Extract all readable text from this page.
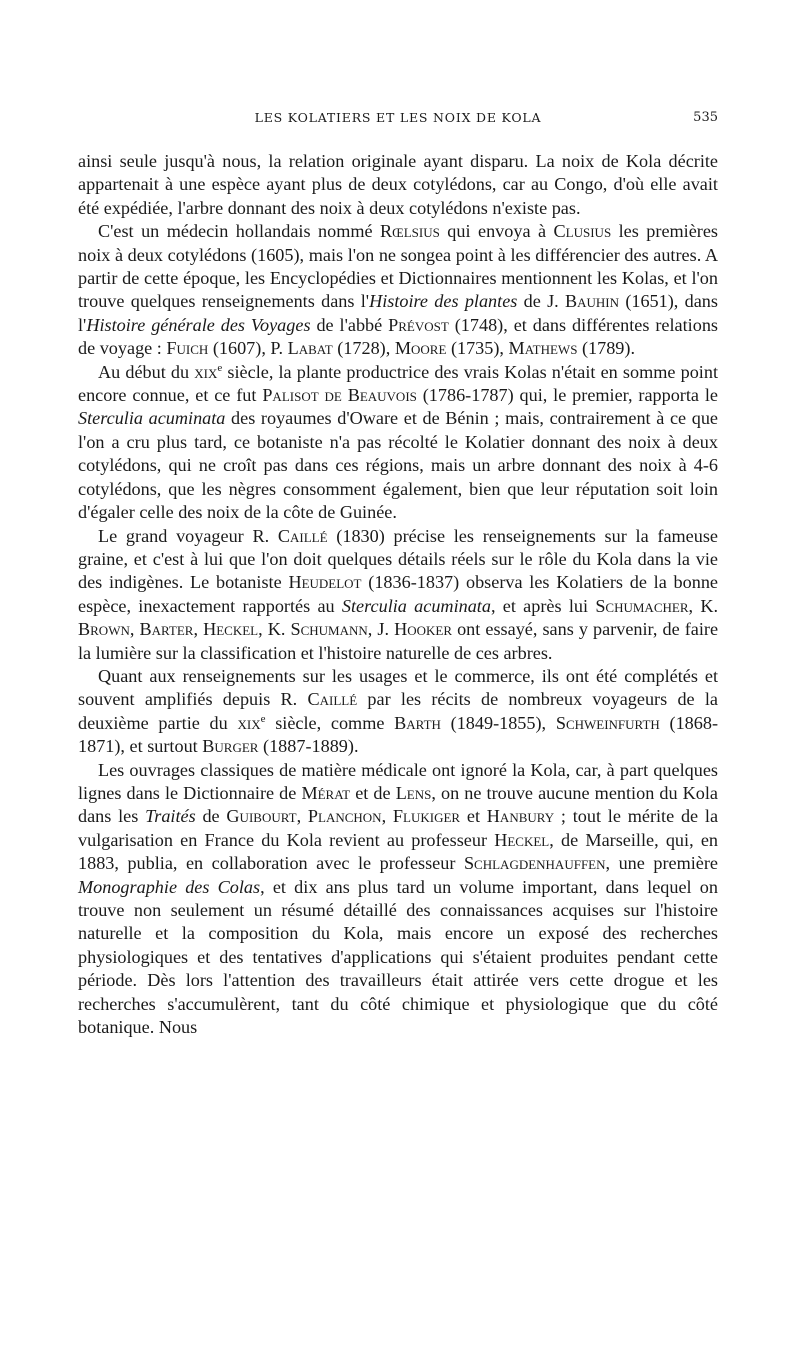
LES KOLATIERS ET LES NOIX DE KOLA	535

ainsi seule jusqu'à nous, la relation originale ayant disparu. La noix de Kola décrite appartenait à une espèce ayant plus de deux cotylédons, car au Congo, d'où elle avait été expédiée, l'arbre donnant des noix à deux cotylédons n'existe pas.

C'est un médecin hollandais nommé Rœlsius qui envoya à Clusius les premières noix à deux cotylédons (1605), mais l'on ne songea point à les différencier des autres. A partir de cette époque, les Encyclopédies et Dictionnaires mentionnent les Kolas, et l'on trouve quelques renseignements dans l'Histoire des plantes de J. Bauhin (1651), dans l'Histoire générale des Voyages de l'abbé Prévost (1748), et dans différentes relations de voyage : Fuich (1607), P. Labat (1728), Moore (1735), Mathews (1789).

Au début du xix$^e$ siècle, la plante productrice des vrais Kolas n'était en somme point encore connue, et ce fut Palisot de Beauvois (1786-1787) qui, le premier, rapporta le Sterculia acuminata des royaumes d'Oware et de Bénin ; mais, contrairement à ce que l'on a cru plus tard, ce botaniste n'a pas récolté le Kolatier donnant des noix à deux cotylédons, qui ne croît pas dans ces régions, mais un arbre donnant des noix à 4-6 cotylédons, que les nègres consomment également, bien que leur réputation soit loin d'égaler celle des noix de la côte de Guinée.

Le grand voyageur R. Caillé (1830) précise les renseignements sur la fameuse graine, et c'est à lui que l'on doit quelques détails réels sur le rôle du Kola dans la vie des indigènes. Le botaniste Heudelot (1836-1837) observa les Kolatiers de la bonne espèce, inexactement rapportés au Sterculia acuminata, et après lui Schumacher, K. Brown, Barter, Heckel, K. Schumann, J. Hooker ont essayé, sans y parvenir, de faire la lumière sur la classification et l'histoire naturelle de ces arbres.

Quant aux renseignements sur les usages et le commerce, ils ont été complétés et souvent amplifiés depuis R. Caillé par les récits de nombreux voyageurs de la deuxième partie du xix$^e$ siècle, comme Barth (1849-1855), Schweinfurth (1868-1871), et surtout Burger (1887-1889).

Les ouvrages classiques de matière médicale ont ignoré la Kola, car, à part quelques lignes dans le Dictionnaire de Mérat et de Lens, on ne trouve aucune mention du Kola dans les Traités de Guibourt, Planchon, Flukiger et Hanbury ; tout le mérite de la vulgarisation en France du Kola revient au professeur Heckel, de Marseille, qui, en 1883, publia, en collaboration avec le professeur Schlagdenhauffen, une première Monographie des Colas, et dix ans plus tard un volume important, dans lequel on trouve non seulement un résumé détaillé des connaissances acquises sur l'histoire naturelle et la composition du Kola, mais encore un exposé des recherches physiologiques et des tentatives d'applications qui s'étaient produites pendant cette période. Dès lors l'attention des travailleurs était attirée vers cette drogue et les recherches s'accumulèrent, tant du côté chimique et physiologique que du côté botanique. Nous
